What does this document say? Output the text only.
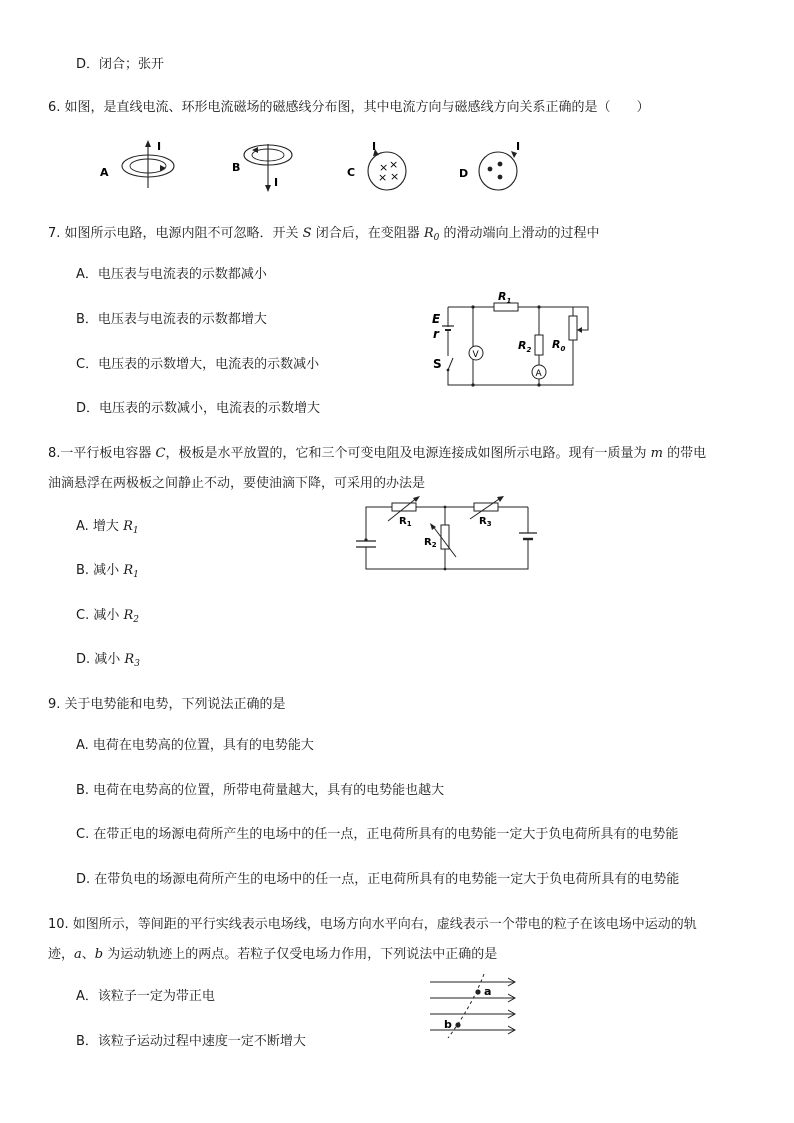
D．闭合；张开
6. 如图，是直线电流、环形电流磁场的磁感线分布图，其中电流方向与磁感线方向关系正确的是（　　）
A
I
B
I
C × ×
× ×
I
D
I
7. 如图所示电路，电源内阻不可忽略．开关 S 闭合后，在变阻器 $R_0$ 的滑动端向上滑动的过程中
A．电压表与电流表的示数都减小
B．电压表与电流表的示数都增大
C．电压表的示数增大，电流表的示数减小
D．电压表的示数减小，电流表的示数增大
$R_1$
E
r
S
V
$R_2$
A
$R_0$
8.一平行板电容器 C，极板是水平放置的，它和三个可变电阻及电源连接成如图所示电路。现有一质量为 m 的带电
油滴悬浮在两极板之间静止不动，要使油滴下降，可采用的办法是
A. 增大 $R_1$
B. 减小 $R_1$
C. 减小 $R_2$
D. 减小 $R_3$
$R_1$
$R_2$
$R_3$
9. 关于电势能和电势，下列说法正确的是
A. 电荷在电势高的位置，具有的电势能大
B. 电荷在电势高的位置，所带电荷量越大，具有的电势能也越大
C. 在带正电的场源电荷所产生的电场中的任一点，正电荷所具有的电势能一定大于负电荷所具有的电势能
D. 在带负电的场源电荷所产生的电场中的任一点，正电荷所具有的电势能一定大于负电荷所具有的电势能
10. 如图所示，等间距的平行实线表示电场线，电场方向水平向右，虚线表示一个带电的粒子在该电场中运动的轨
迹，a、b 为运动轨迹上的两点。若粒子仅受电场力作用，下列说法中正确的是
A．该粒子一定为带正电
B．该粒子运动过程中速度一定不断增大
a
b
